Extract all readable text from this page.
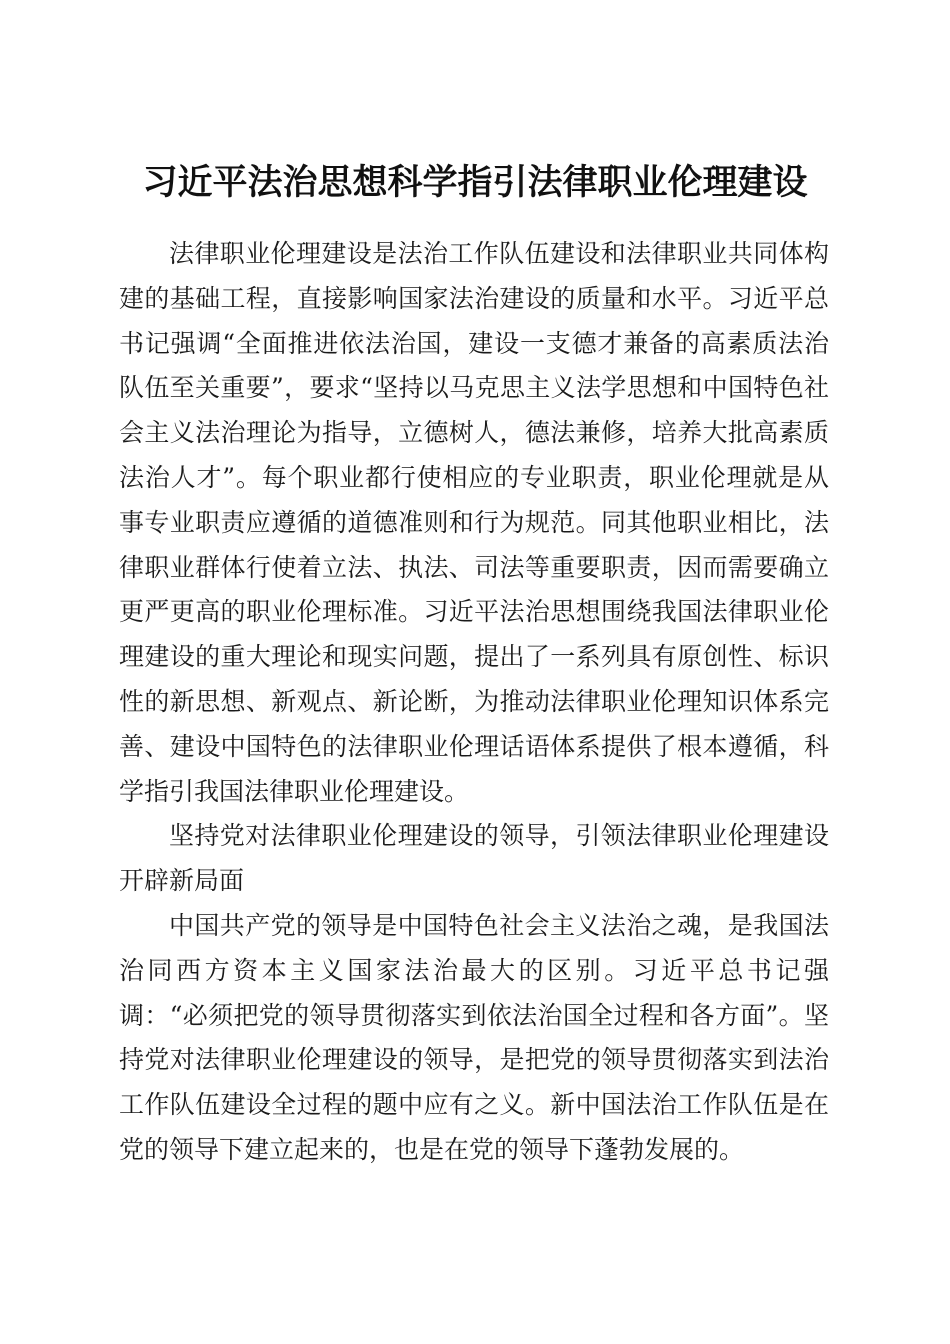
习近平法治思想科学指引法律职业伦理建设

法律职业伦理建设是法治工作队伍建设和法律职业共同体构建的基础工程，直接影响国家法治建设的质量和水平。习近平总书记强调“全面推进依法治国，建设一支德才兼备的高素质法治队伍至关重要”，要求“坚持以马克思主义法学思想和中国特色社会主义法治理论为指导，立德树人，德法兼修，培养大批高素质法治人才”。每个职业都行使相应的专业职责，职业伦理就是从事专业职责应遵循的道德准则和行为规范。同其他职业相比，法律职业群体行使着立法、执法、司法等重要职责，因而需要确立更严更高的职业伦理标准。习近平法治思想围绕我国法律职业伦理建设的重大理论和现实问题，提出了一系列具有原创性、标识性的新思想、新观点、新论断，为推动法律职业伦理知识体系完善、建设中国特色的法律职业伦理话语体系提供了根本遵循，科学指引我国法律职业伦理建设。

坚持党对法律职业伦理建设的领导，引领法律职业伦理建设开辟新局面

中国共产党的领导是中国特色社会主义法治之魂，是我国法治同西方资本主义国家法治最大的区别。习近平总书记强调：“必须把党的领导贯彻落实到依法治国全过程和各方面”。坚持党对法律职业伦理建设的领导，是把党的领导贯彻落实到法治工作队伍建设全过程的题中应有之义。新中国法治工作队伍是在党的领导下建立起来的，也是在党的领导下蓬勃发展的。
